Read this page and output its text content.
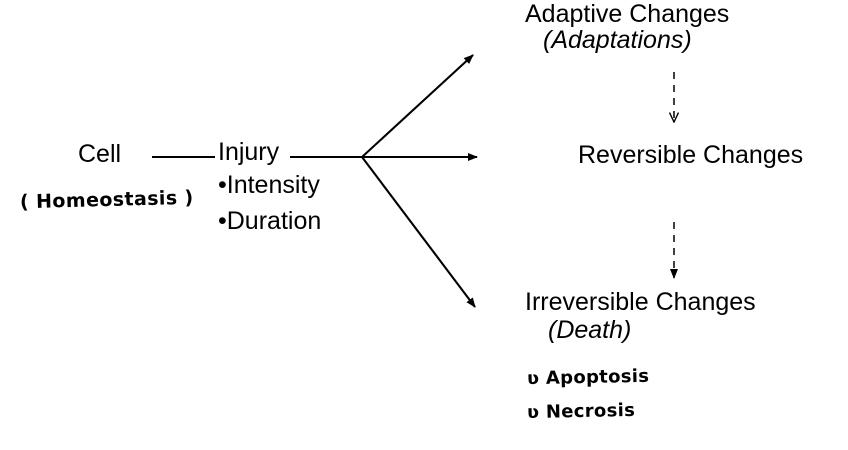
Cell
( Homeostasis )
Injury
•Intensity
•Duration
Adaptive Changes
(Adaptations)
Reversible Changes
Irreversible Changes
(Death)
ʋ Apoptosis
ʋ Necrosis
